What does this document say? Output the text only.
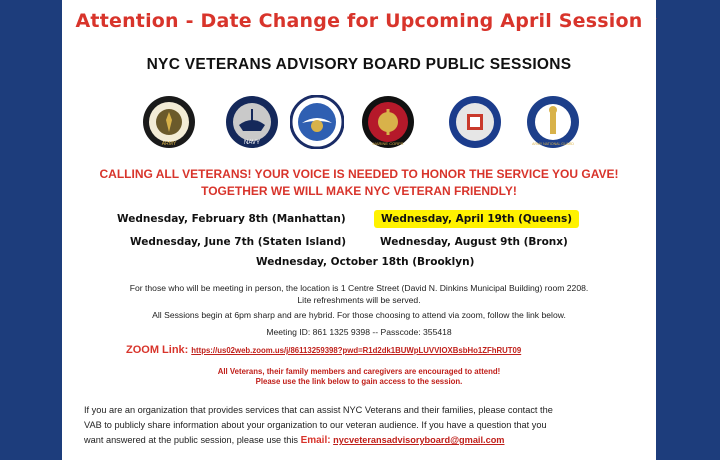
Attention - Date Change for Upcoming April Session
NYC VETERANS ADVISORY BOARD PUBLIC SESSIONS
ARMY	NAVY	MARINE CORPS	ARMY NATIONAL GUARD
CALLING ALL VETERANS! YOUR VOICE IS NEEDED TO HONOR THE SERVICE YOU GAVE!
TOGETHER WE WILL MAKE NYC VETERAN FRIENDLY!
Wednesday, February 8th (Manhattan)	Wednesday, April 19th (Queens)
Wednesday, June 7th (Staten Island)	Wednesday, August 9th (Bronx)
Wednesday, October 18th (Brooklyn)
For those who will be meeting in person, the location is 1 Centre Street (David N. Dinkins Municipal Building) room 2208.
Lite refreshments will be served.
All Sessions begin at 6pm sharp and are hybrid. For those choosing to attend via zoom, follow the link below.
Meeting ID: 861 1325 9398 -- Passcode: 355418
ZOOM Link: https://us02web.zoom.us/j/86113259398?pwd=R1d2dk1BUWpLUVVIOXBsbHo1ZFhRUT09
All Veterans, their family members and caregivers are encouraged to attend!
Please use the link below to gain access to the session.
If you are an organization that provides services that can assist NYC Veterans and their families, please contact the
VAB to publicly share information about your organization to our veteran audience. If you have a question that you
want answered at the public session, please use this Email: nycveteransadvisoryboard@gmail.com
